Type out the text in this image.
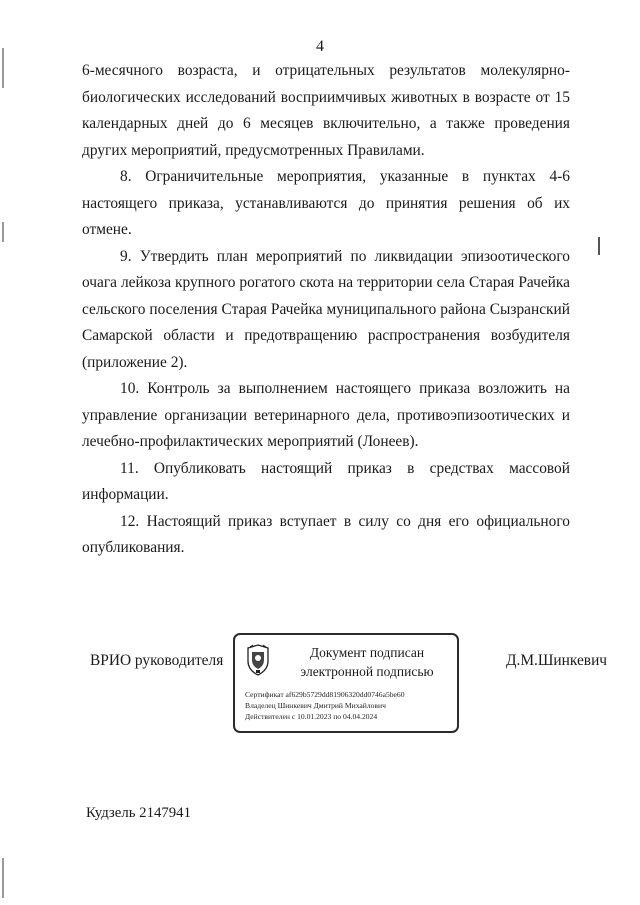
4

6-месячного возраста, и отрицательных результатов молекулярно-биологических исследований восприимчивых животных в возрасте от 15 календарных дней до 6 месяцев включительно, а также проведения других мероприятий, предусмотренных Правилами.

8. Ограничительные мероприятия, указанные в пунктах 4-6 настоящего приказа, устанавливаются до принятия решения об их отмене.

9. Утвердить план мероприятий по ликвидации эпизоотического очага лейкоза крупного рогатого скота на территории села Старая Рачейка сельского поселения Старая Рачейка муниципального района Сызранский Самарской области и предотвращению распространения возбудителя (приложение 2).

10. Контроль за выполнением настоящего приказа возложить на управление организации ветеринарного дела, противоэпизоотических и лечебно-профилактических мероприятий (Лонеев).

11. Опубликовать настоящий приказ в средствах массовой информации.

12. Настоящий приказ вступает в силу со дня его официального опубликования.

ВРИО руководителя	Документ подписан
электронной подписью
Сертификат af629b5729dd81906320dd0746a5be60
Владелец Шинкевич Дмитрий Михайлович
Действителен с 10.01.2023 по 04.04.2024
Д.М.Шинкевич
Кудзель 2147941
